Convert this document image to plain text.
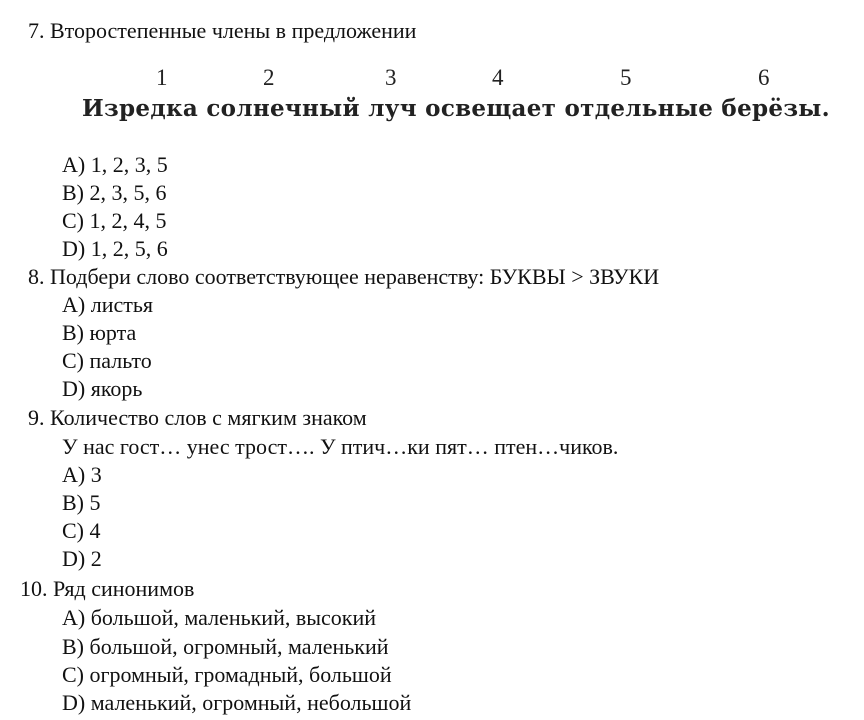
7. Второстепенные члены в предложении
1	2	3	4	5	6
Изредка солнечный луч освещает отдельные берёзы.
A) 1, 2, 3, 5
B) 2, 3, 5, 6
C) 1, 2, 4, 5
D) 1, 2, 5, 6
8. Подбери слово соответствующее неравенству: БУКВЫ > ЗВУКИ
A) листья
B) юрта
C) пальто
D) якорь
9. Количество слов с мягким знаком
У нас гост… унес трост…. У птич…ки пят… птен…чиков.
A) 3
B) 5
C) 4
D) 2
10. Ряд синонимов
A) большой, маленький, высокий
B) большой, огромный, маленький
C) огромный, громадный, большой
D) маленький, огромный, небольшой
